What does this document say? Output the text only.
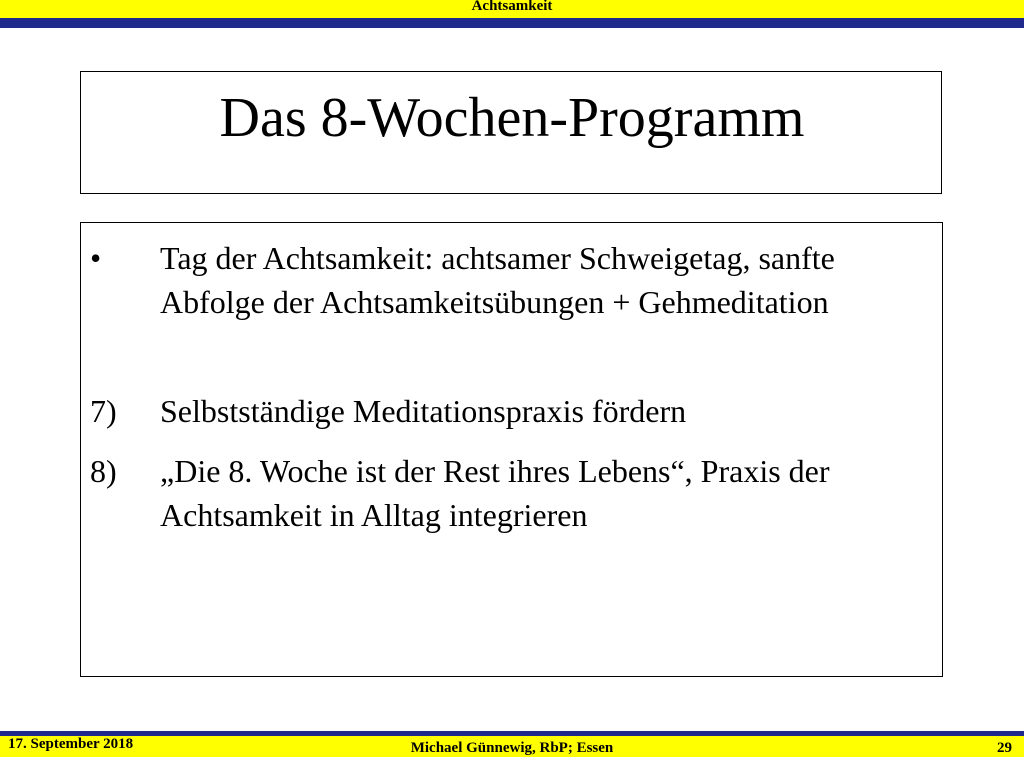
Achtsamkeit
Das 8-Wochen-Programm
• Tag der Achtsamkeit: achtsamer Schweigetag, sanfte Abfolge der Achtsamkeitsübungen + Gehmeditation
7) Selbstständige Meditationspraxis fördern
8) „Die 8. Woche ist der Rest ihres Lebens“, Praxis der Achtsamkeit in Alltag integrieren
17. September 2018	Michael Günnewig, RbP; Essen	29
